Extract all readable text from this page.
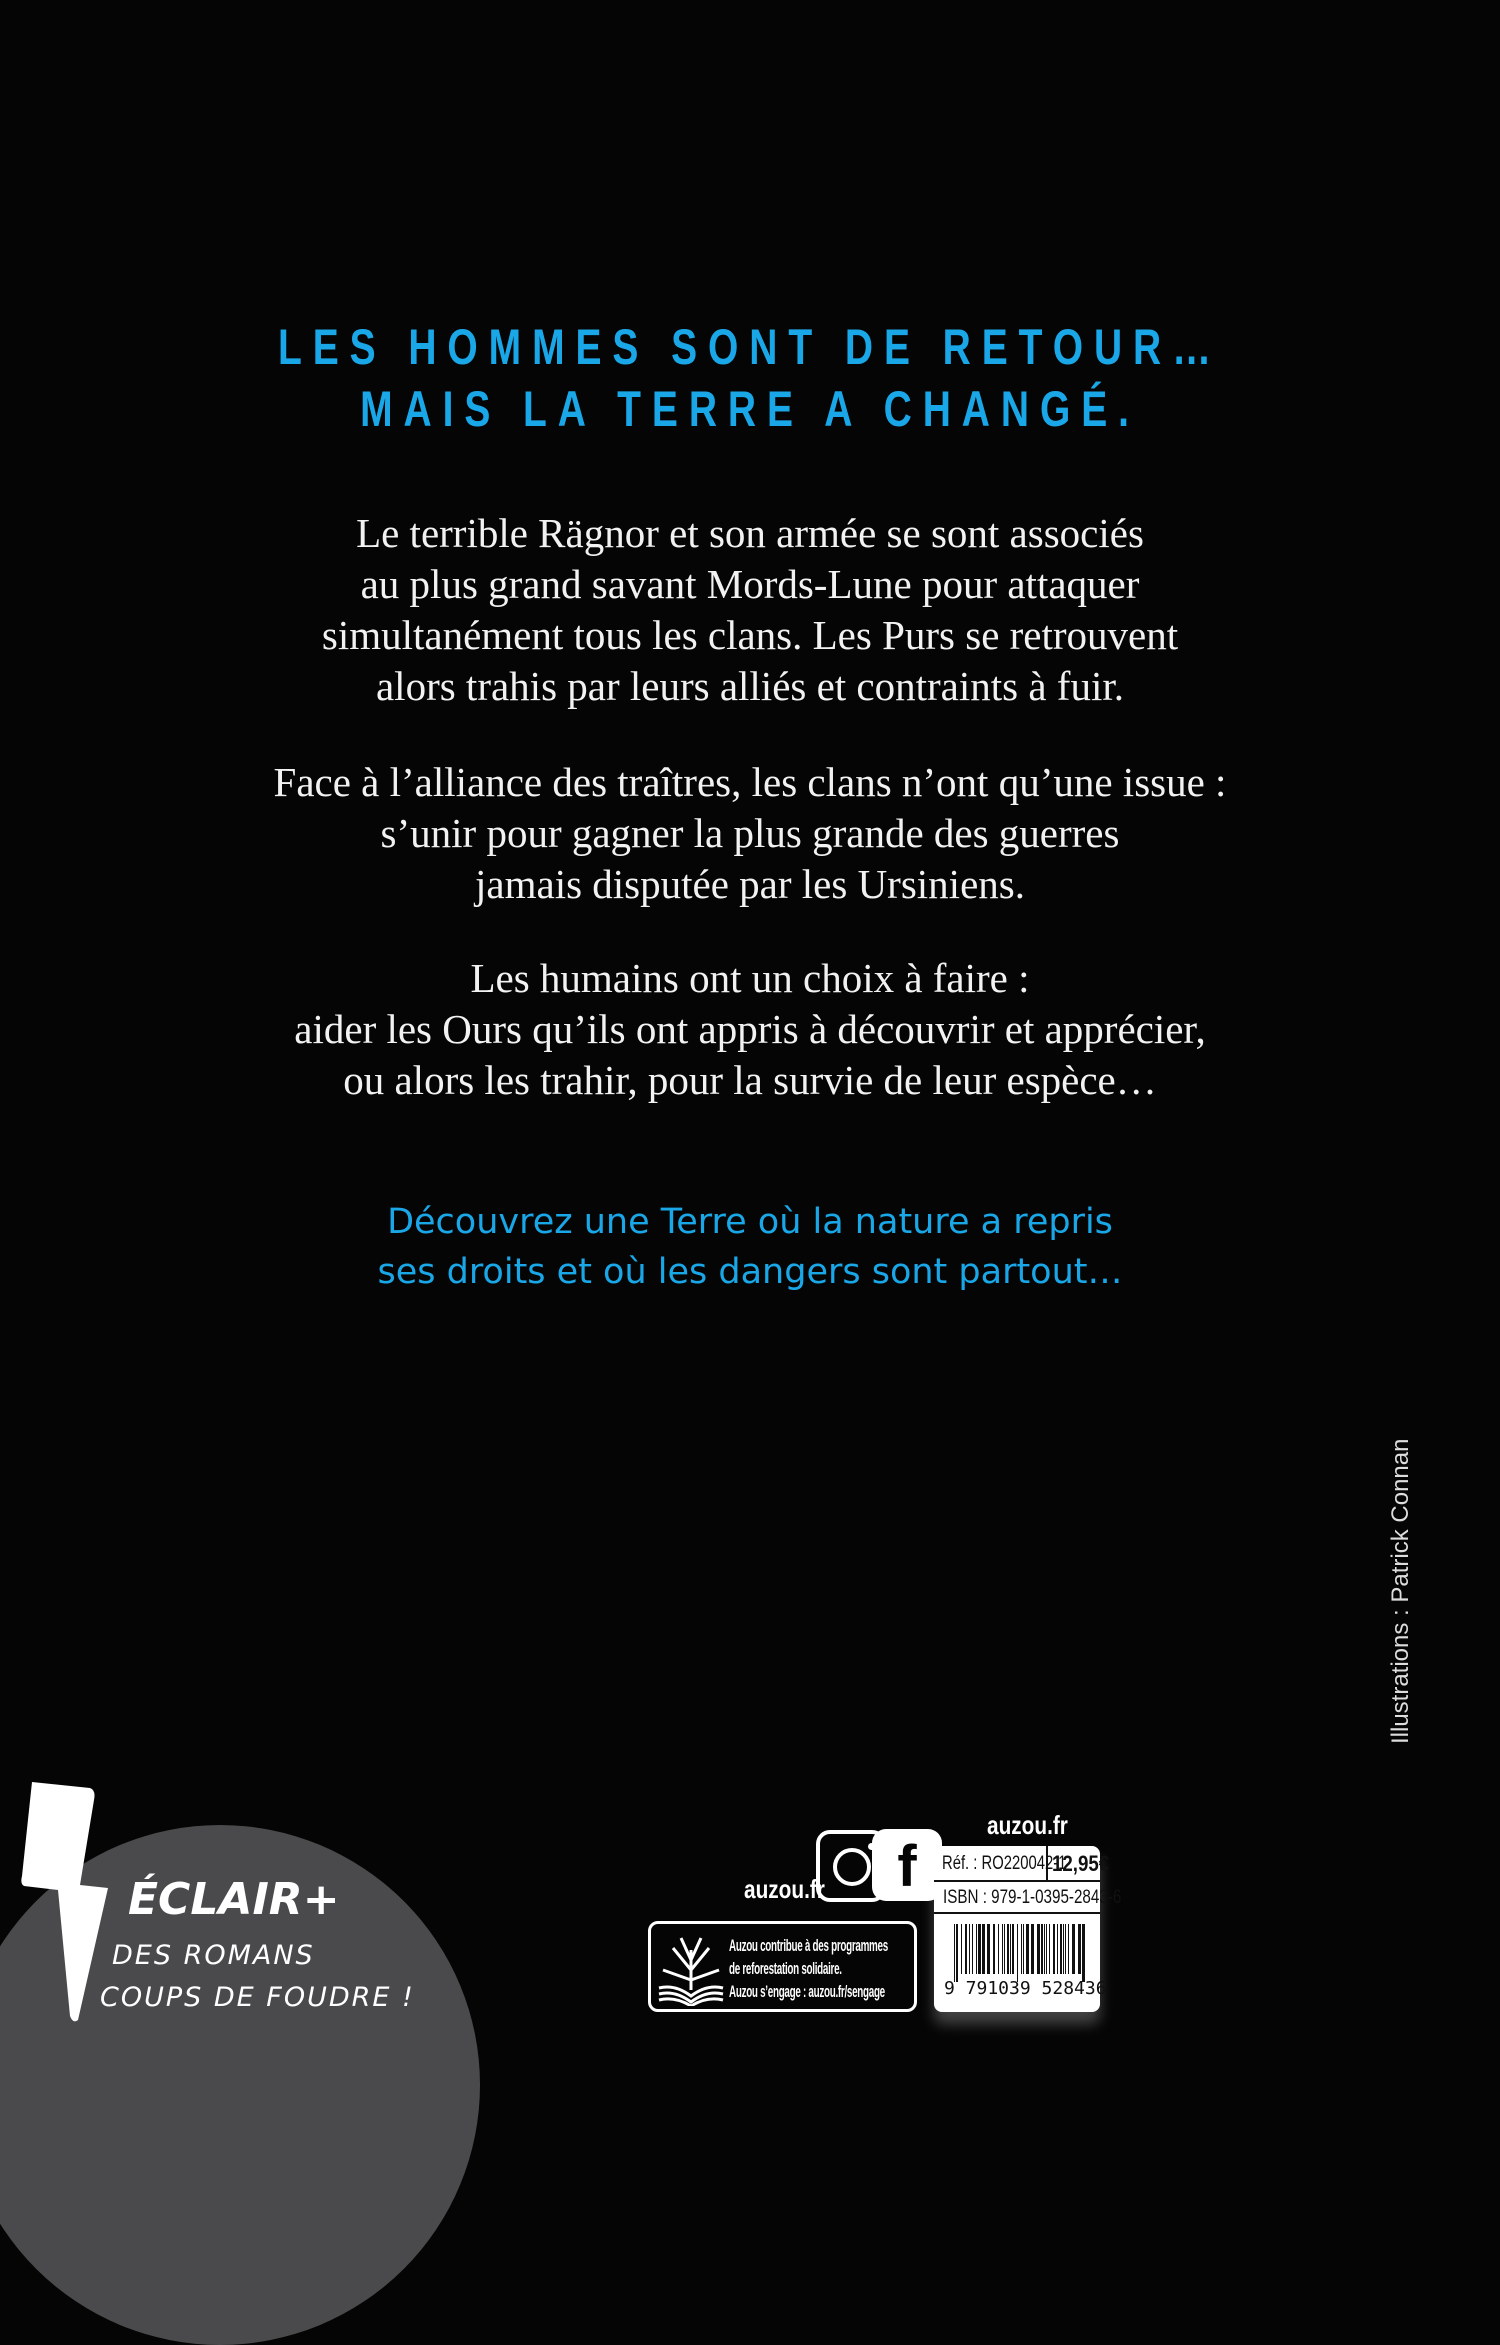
LES HOMMES SONT DE RETOUR…
MAIS LA TERRE A CHANGÉ.
Le terrible Rägnor et son armée se sont associés
au plus grand savant Mords-Lune pour attaquer
simultanément tous les clans. Les Purs se retrouvent
alors trahis par leurs alliés et contraints à fuir.
Face à l’alliance des traîtres, les clans n’ont qu’une issue :
s’unir pour gagner la plus grande des guerres
jamais disputée par les Ursiniens.
Les humains ont un choix à faire :
aider les Ours qu’ils ont appris à découvrir et apprécier,
ou alors les trahir, pour la survie de leur espèce…
Découvrez une Terre où la nature a repris
ses droits et où les dangers sont partout…
Illustrations : Patrick Connan
ÉCLAIR+
DES ROMANS
COUPS DE FOUDRE !
auzou.fr	f
Auzou contribue à des programmes
de reforestation solidaire.
Auzou s’engage : auzou.fr/sengage
auzou.fr
Réf. : RO220042-1
12,95€
ISBN : 979-1-0395-2843-6
9 791039 528436
